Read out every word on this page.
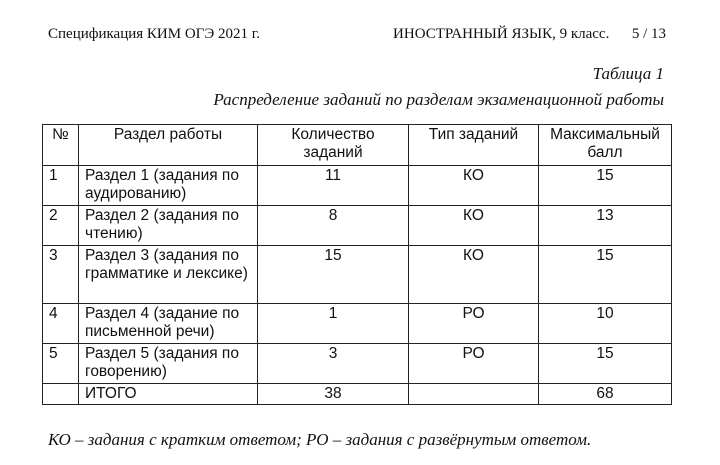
Спецификация КИМ ОГЭ 2021 г.	ИНОСТРАННЫЙ ЯЗЫК, 9 класс. 5 / 13
Таблица 1
Распределение заданий по разделам экзаменационной работы
№	Раздел работы	Количество заданий	Тип заданий	Максимальный балл
1	Раздел 1 (задания по аудированию)	11	КО	15
2	Раздел 2 (задания по чтению)	8	КО	13
3	Раздел 3 (задания по грамматике и лексике)	15	КО	15
4	Раздел 4 (задание по письменной речи)	1	РО	10
5	Раздел 5 (задания по говорению)	3	РО	15
	ИТОГО	38		68
КО – задания с кратким ответом; РО – задания с развёрнутым ответом.
